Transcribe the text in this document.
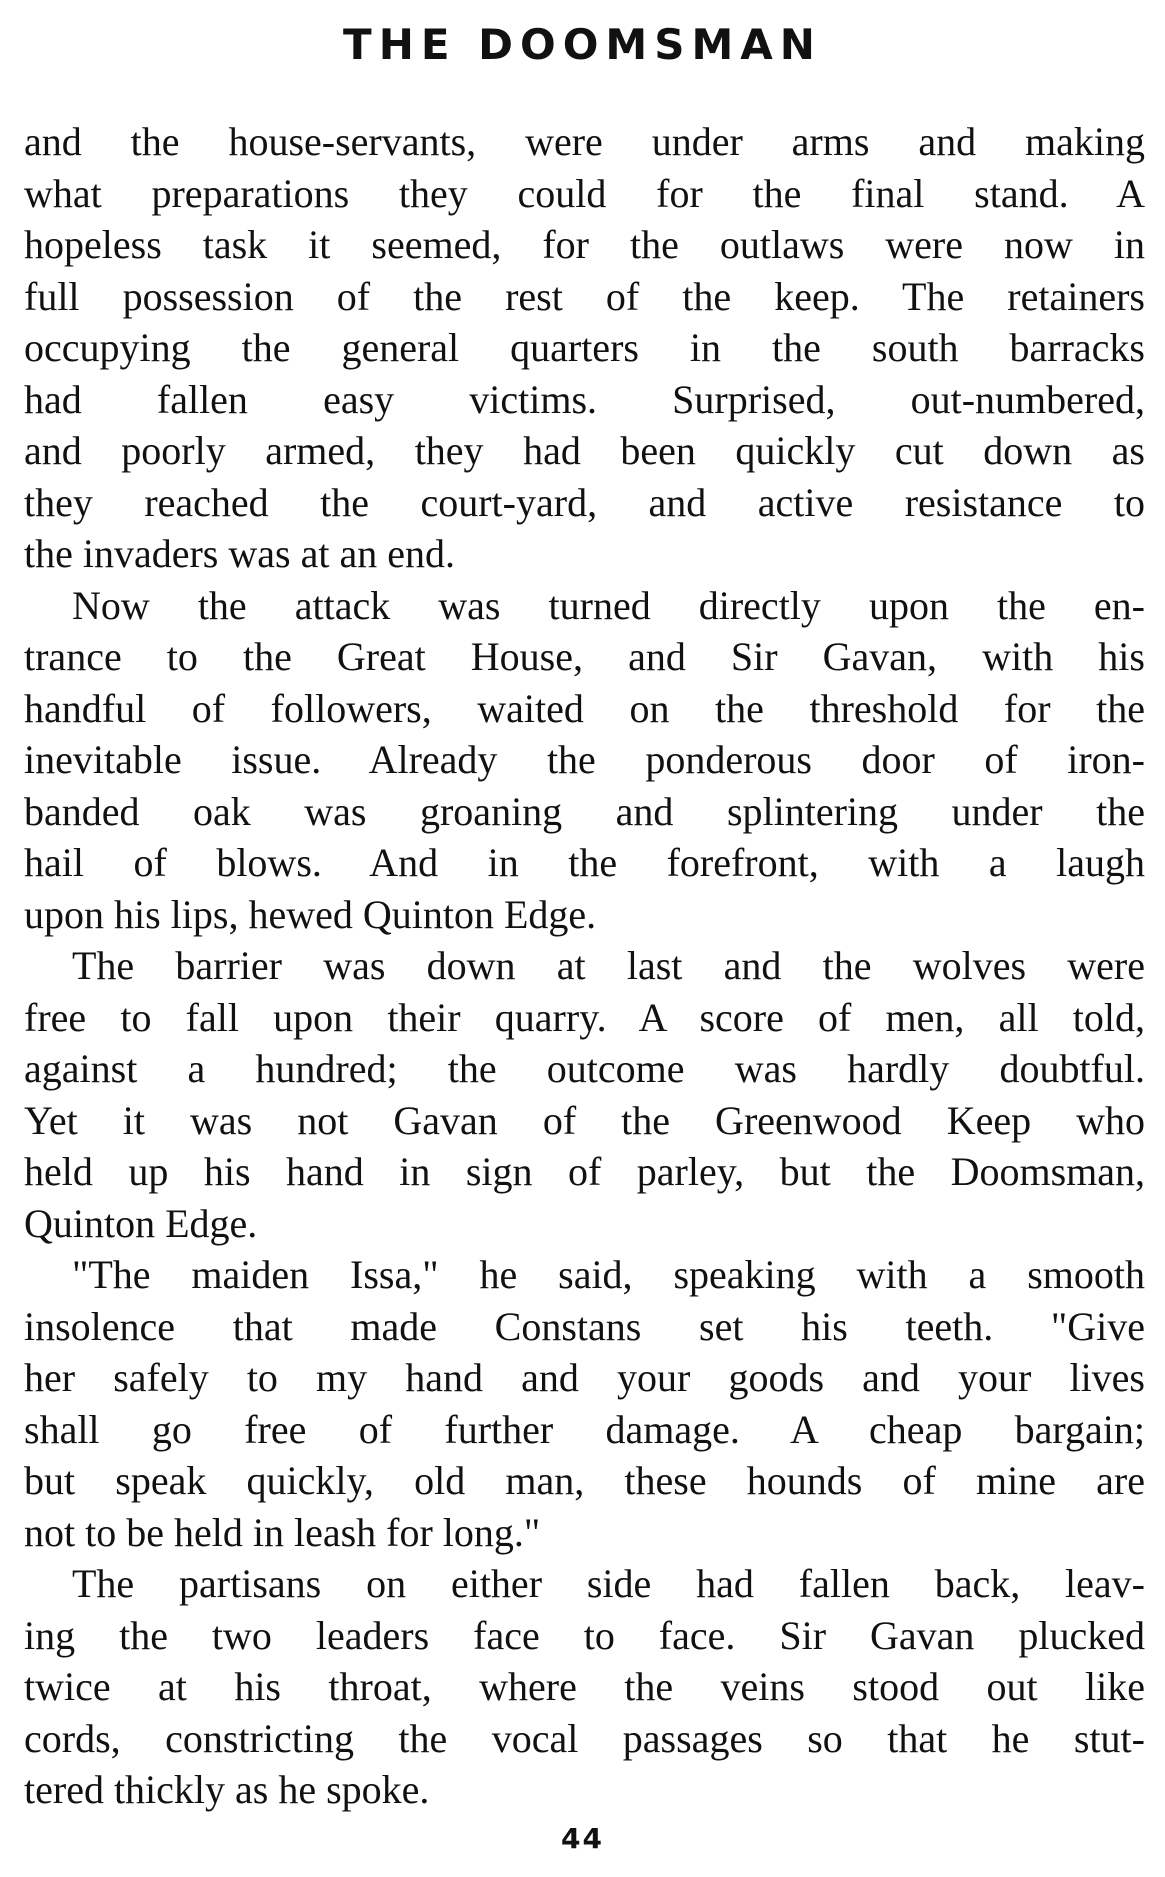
THE DOOMSMAN
and the house-servants, were under arms and making
what preparations they could for the final stand. A
hopeless task it seemed, for the outlaws were now in
full possession of the rest of the keep. The retainers
occupying the general quarters in the south barracks
had fallen easy victims. Surprised, out-numbered,
and poorly armed, they had been quickly cut down as
they reached the court-yard, and active resistance to
the invaders was at an end.
Now the attack was turned directly upon the en-
trance to the Great House, and Sir Gavan, with his
handful of followers, waited on the threshold for the
inevitable issue. Already the ponderous door of iron-
banded oak was groaning and splintering under the
hail of blows. And in the forefront, with a laugh
upon his lips, hewed Quinton Edge.
The barrier was down at last and the wolves were
free to fall upon their quarry. A score of men, all told,
against a hundred; the outcome was hardly doubtful.
Yet it was not Gavan of the Greenwood Keep who
held up his hand in sign of parley, but the Doomsman,
Quinton Edge.
"The maiden Issa," he said, speaking with a smooth
insolence that made Constans set his teeth. "Give
her safely to my hand and your goods and your lives
shall go free of further damage. A cheap bargain;
but speak quickly, old man, these hounds of mine are
not to be held in leash for long."
The partisans on either side had fallen back, leav-
ing the two leaders face to face. Sir Gavan plucked
twice at his throat, where the veins stood out like
cords, constricting the vocal passages so that he stut-
tered thickly as he spoke.
44
